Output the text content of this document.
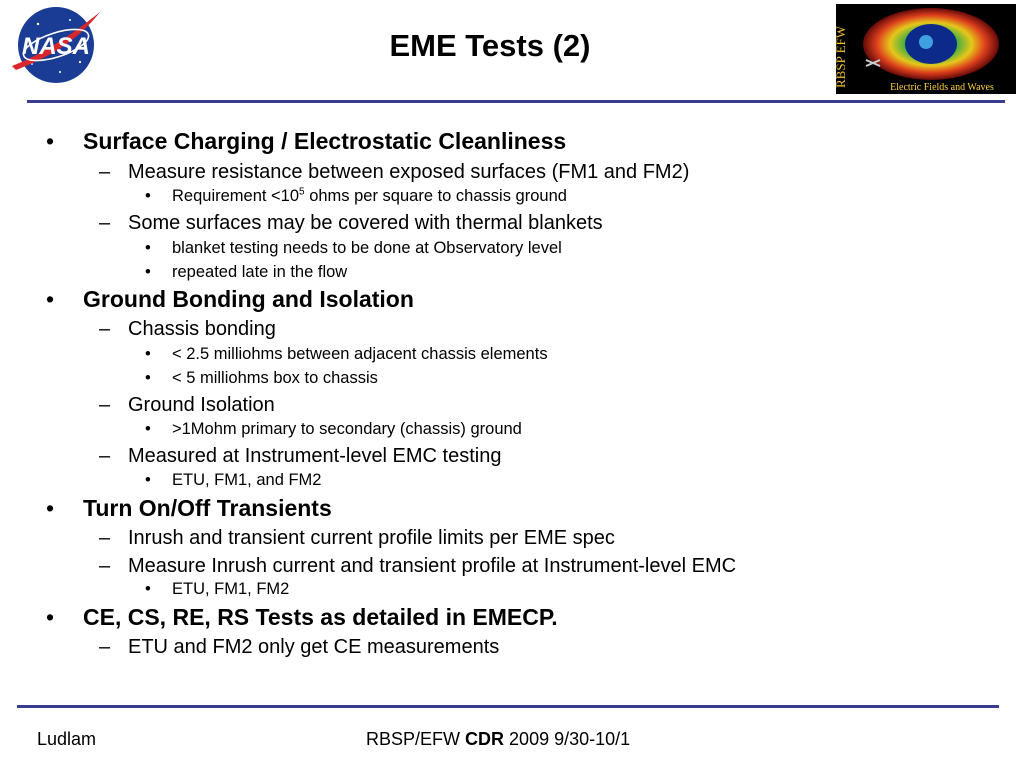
NASA	EME Tests (2)	RBSP EFW	Electric Fields and Waves
• Surface Charging / Electrostatic Cleanliness
– Measure resistance between exposed surfaces (FM1 and FM2)
• Requirement $<10^5$ ohms per square to chassis ground
– Some surfaces may be covered with thermal blankets
• blanket testing needs to be done at Observatory level
• repeated late in the flow
• Ground Bonding and Isolation
– Chassis bonding
• < 2.5 milliohms between adjacent chassis elements
• < 5 milliohms box to chassis
– Ground Isolation
• >1Mohm primary to secondary (chassis) ground
– Measured at Instrument-level EMC testing
• ETU, FM1, and FM2
• Turn On/Off Transients
– Inrush and transient current profile limits per EME spec
– Measure Inrush current and transient profile at Instrument-level EMC
• ETU, FM1, FM2
• CE, CS, RE, RS Tests as detailed in EMECP.
– ETU and FM2 only get CE measurements
Ludlam	RBSP/EFW CDR 2009 9/30-10/1
